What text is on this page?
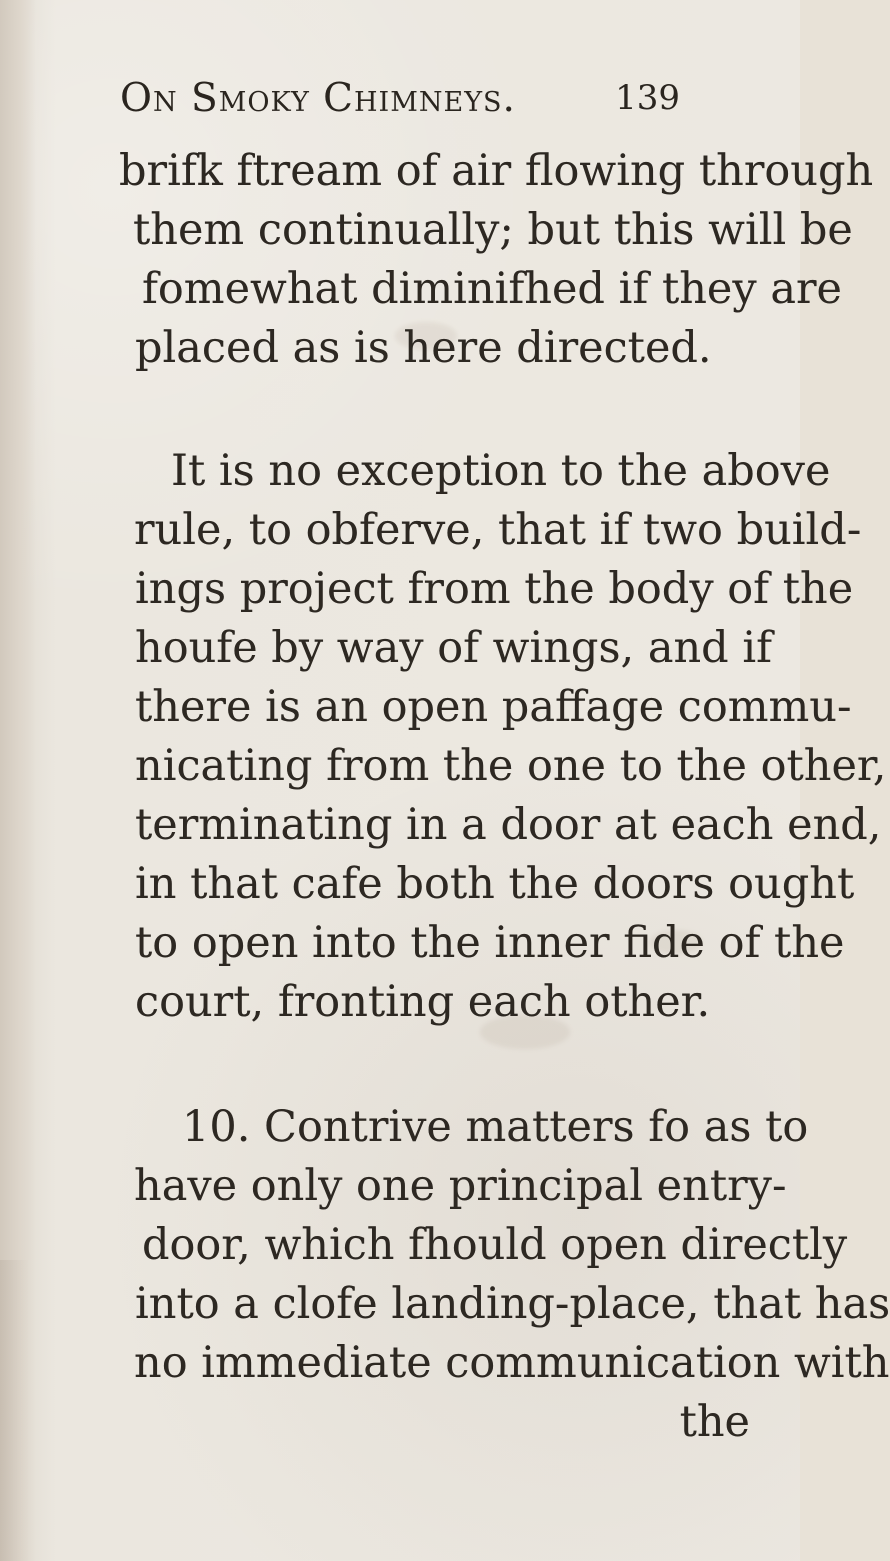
On Smoky Chimneys.	139
brifk ftream of air flowing through
them continually; but this will be
fomewhat diminifhed if they are
placed as is here directed.
It is no exception to the above
rule, to obferve, that if two build-
ings project from the body of the
houfe by way of wings, and if
there is an open paffage commu-
nicating from the one to the other,
terminating in a door at each end,
in that cafe both the doors ought
to open into the inner fide of the
court, fronting each other.
10. Contrive matters fo as to
have only one principal entry-
door, which fhould open directly
into a clofe landing-place, that has
no immediate communication with
the
